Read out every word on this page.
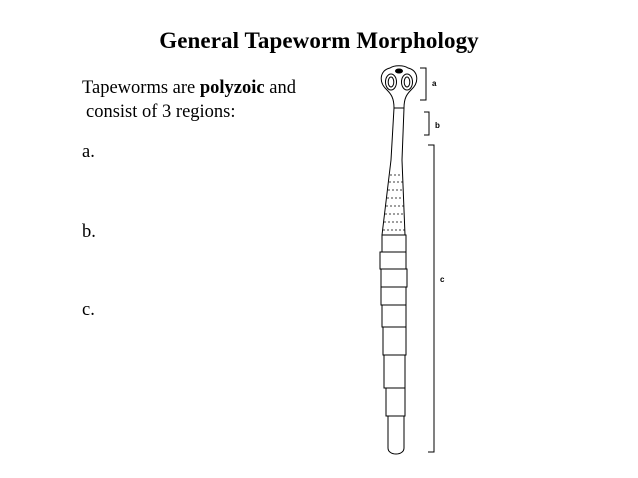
General Tapeworm Morphology
Tapeworms are polyzoic and
consist of 3 regions:
a.
b.
c.
a
b
c
